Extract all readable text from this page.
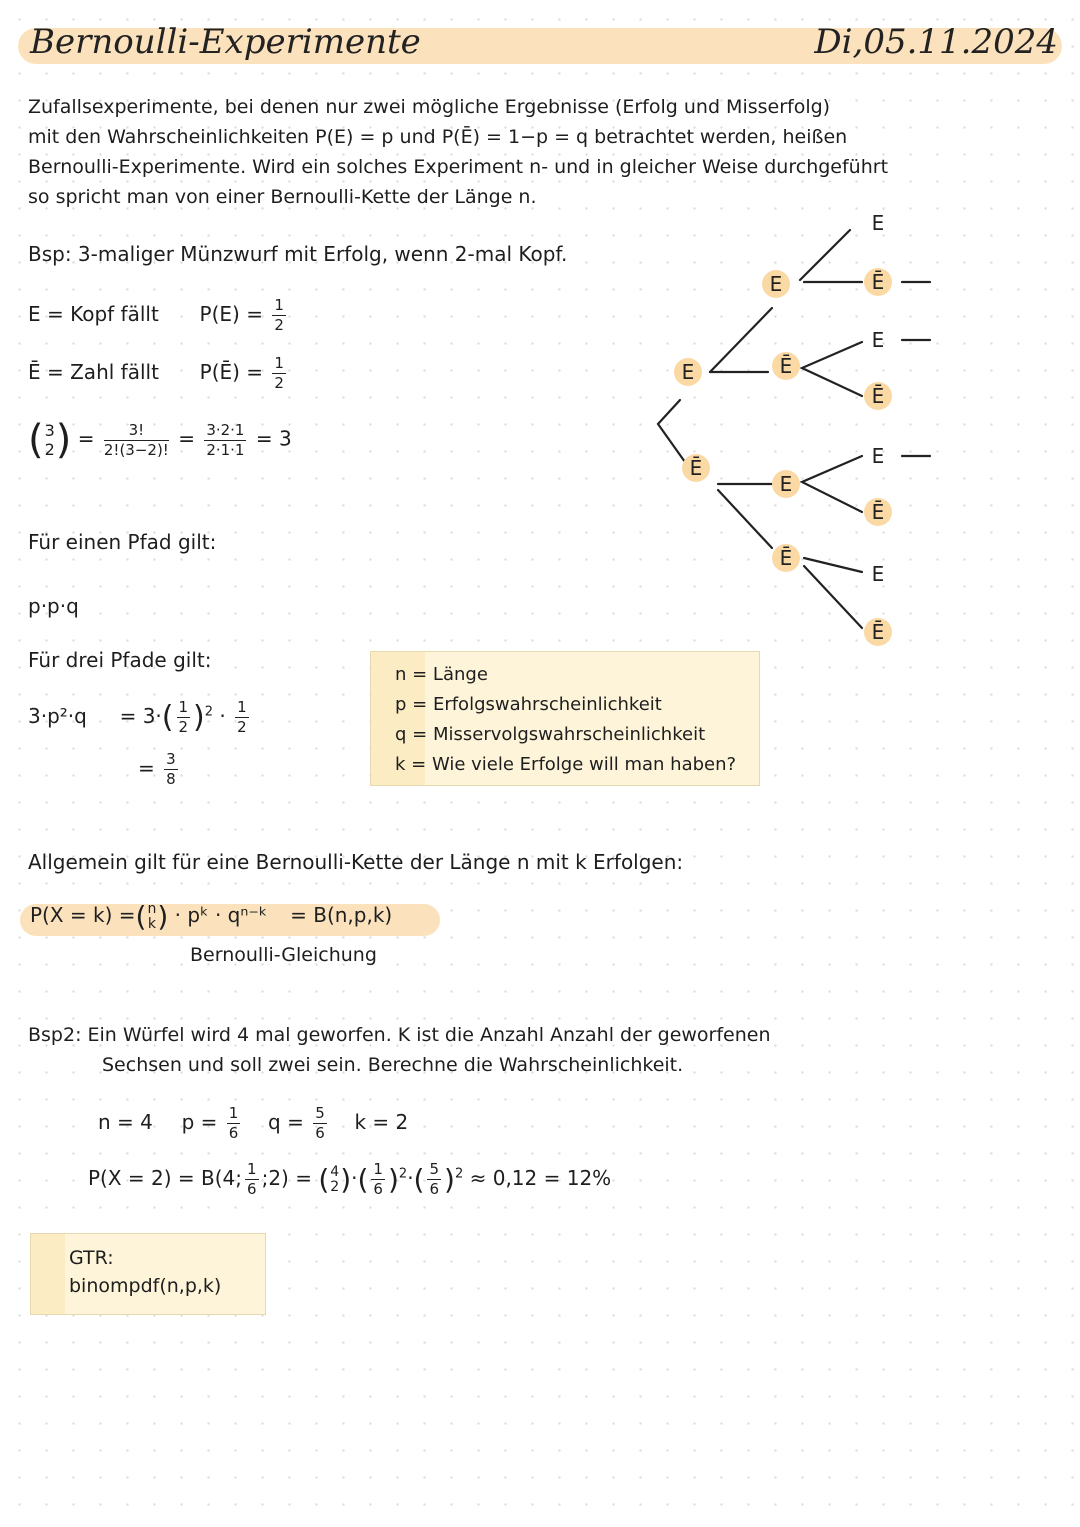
Bernoulli-Experimente	Di,05.11.2024
Zufallsexperimente, bei denen nur zwei mögliche Ergebnisse (Erfolg und Misserfolg)
mit den Wahrscheinlichkeiten P(E) = p und P(Ē) = 1−p = q betrachtet werden, heißen
Bernoulli-Experimente. Wird ein solches Experiment n- und in gleicher Weise durchgeführt
so spricht man von einer Bernoulli-Kette der Länge n.
Bsp: 3-maliger Münzwurf mit Erfolg, wenn 2-mal Kopf.
E = Kopf fällt $P(E) = \frac{1}{2}$
Ē = Zahl fällt P(Ē) = $\frac{1}{2}$
(3
$2) = \frac{3!}{2!(3-2)!} = \frac{3\cdot 2\cdot 1}{2\cdot 1\cdot 1} = 3$
Für einen Pfad gilt:
p·p·q
Für drei Pfade gilt:
$3\cdot p^2\cdot q = 3\cdot( \frac{1}{2} )^2 \cdot \frac{1}{2}$
= $\frac{3}{8}$
n = Länge
p = Erfolgswahrscheinlichkeit
q = Misservolgswahrscheinlichkeit
k = Wie viele Erfolge will man haben?
E
Ē
E
Ē
E
Ē
E
Ē
E
Ē
E
Ē
E
Ē
Allgemein gilt für eine Bernoulli-Kette der Länge n mit k Erfolgen:
P(X = k) =(n
k) · pᵏ · qⁿ⁻ᵏ = B(n,p,k)
Bernoulli-Gleichung
Bsp2: Ein Würfel wird 4 mal geworfen. K ist die Anzahl Anzahl der geworfenen
Sechsen und soll zwei sein. Berechne die Wahrscheinlichkeit.
n = 4 $p = \frac{1}{6}$ $q = \frac{5}{6}$ k = 2
P(X = 2) = B(4; $\frac{1}{6}$ ;2) = (4
$2)\cdot( \frac{1}{6} )^2\cdot( \frac{5}{6} )^2 \approx 0,12 = 12\%$
GTR:
binompdf(n,p,k)
